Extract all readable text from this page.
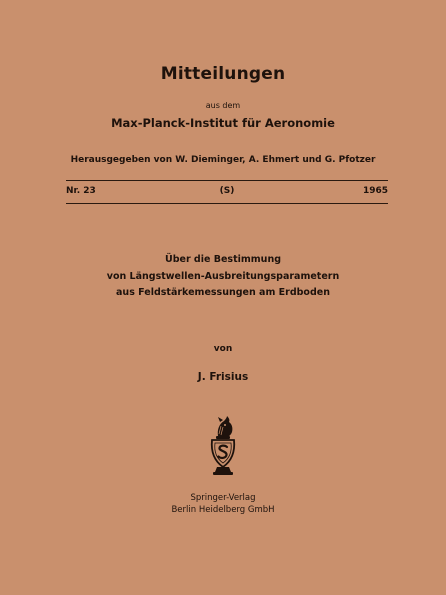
Mitteilungen
aus dem
Max-Planck-Institut für Aeronomie
Herausgegeben von W. Dieminger, A. Ehmert und G. Pfotzer
Nr. 23	(S)	1965
Über die Bestimmung
von Längstwellen-Ausbreitungsparametern
aus Feldstärkemessungen am Erdboden
von
J. Frisius
Springer-Verlag
Berlin Heidelberg GmbH
